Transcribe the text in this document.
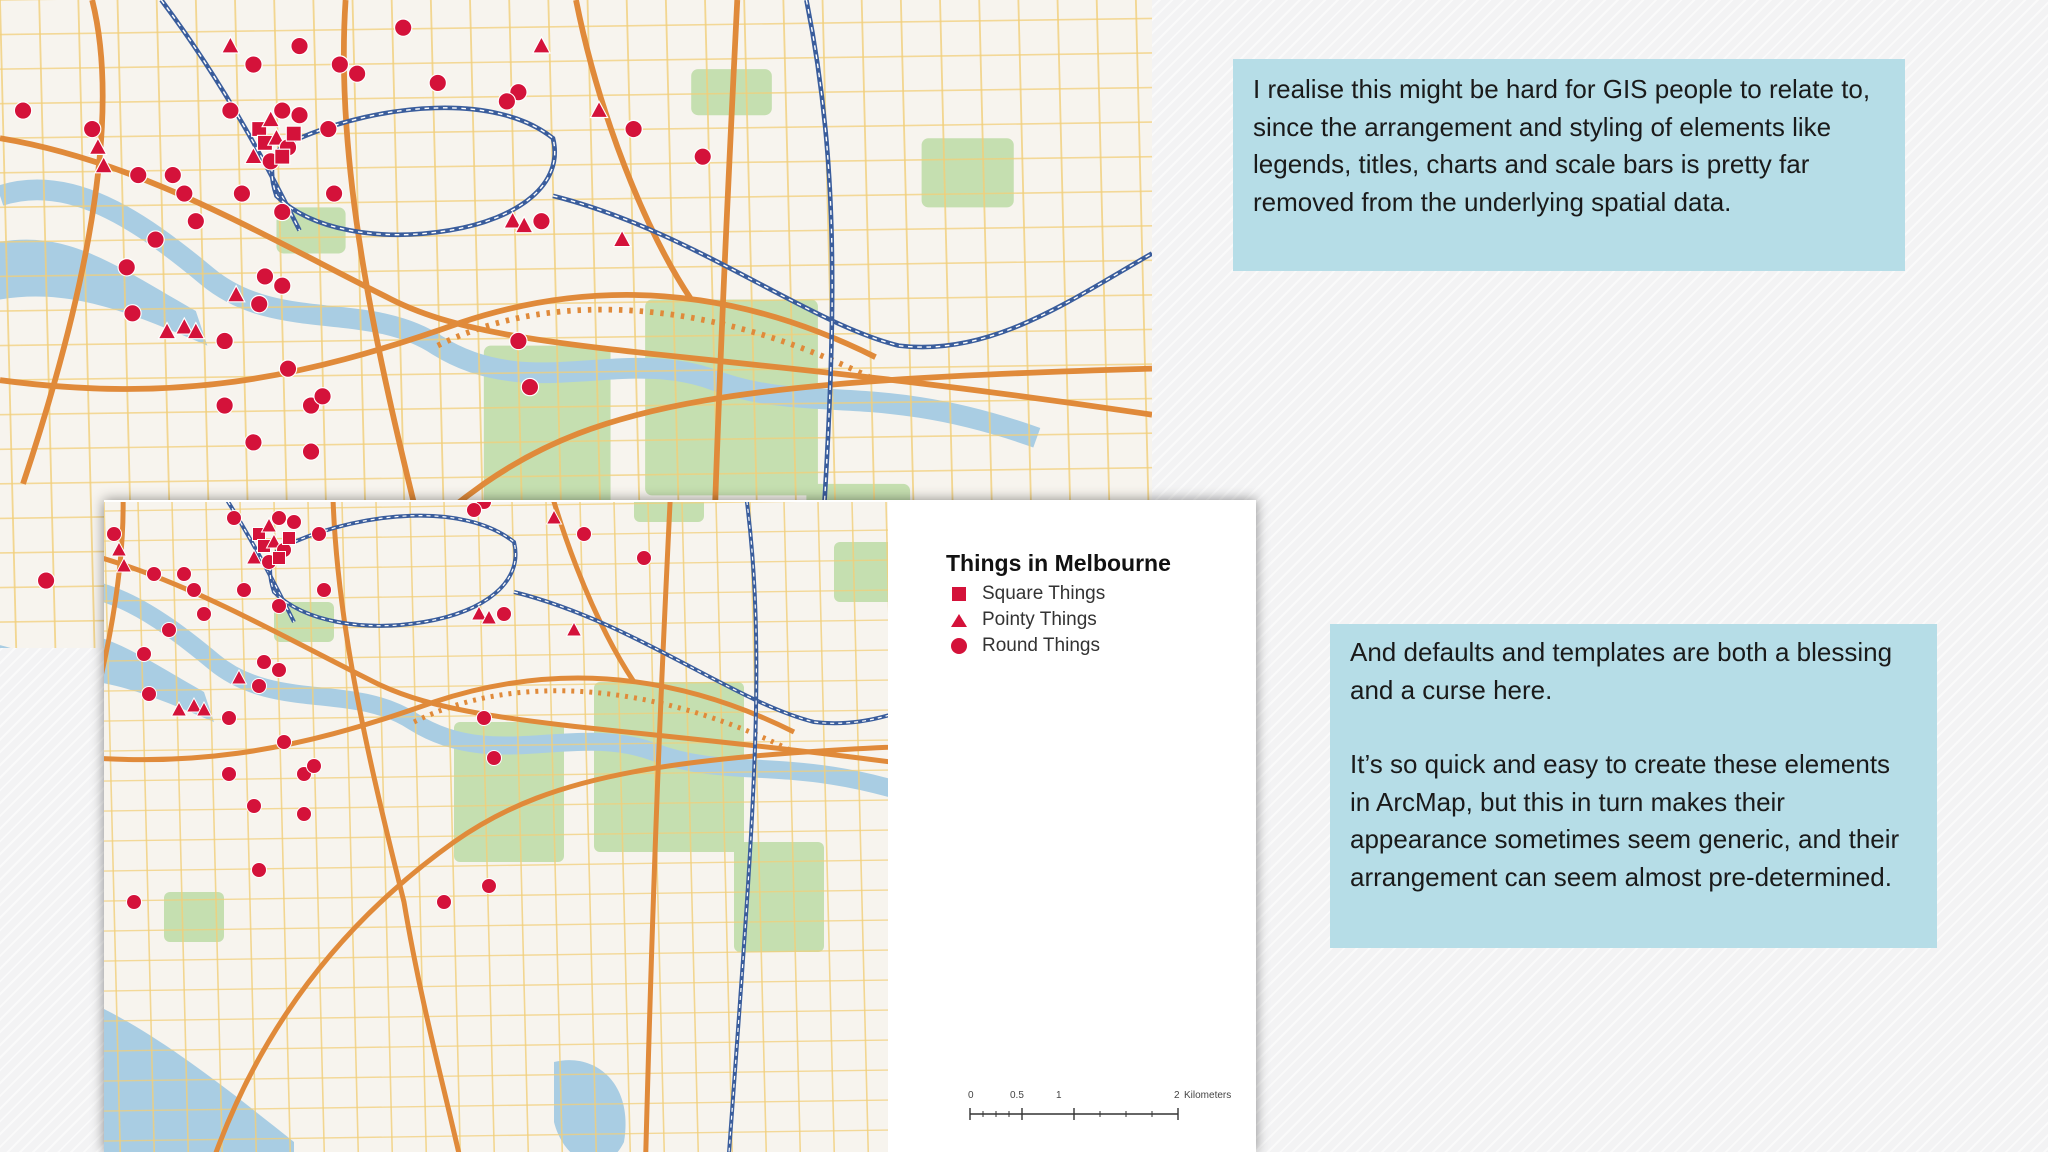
Things in Melbourne
Square Things
Pointy Things
Round Things
0	0.5	1	2 Kilometers

I realise this might be hard for GIS people to relate to, since the arrangement and styling of elements like legends, titles, charts and scale bars is pretty far removed from the underlying spatial data.

And defaults and templates are both a blessing and a curse here.

It’s so quick and easy to create these elements in ArcMap, but this in turn makes their appearance sometimes seem generic, and their arrangement can seem almost pre-determined.
